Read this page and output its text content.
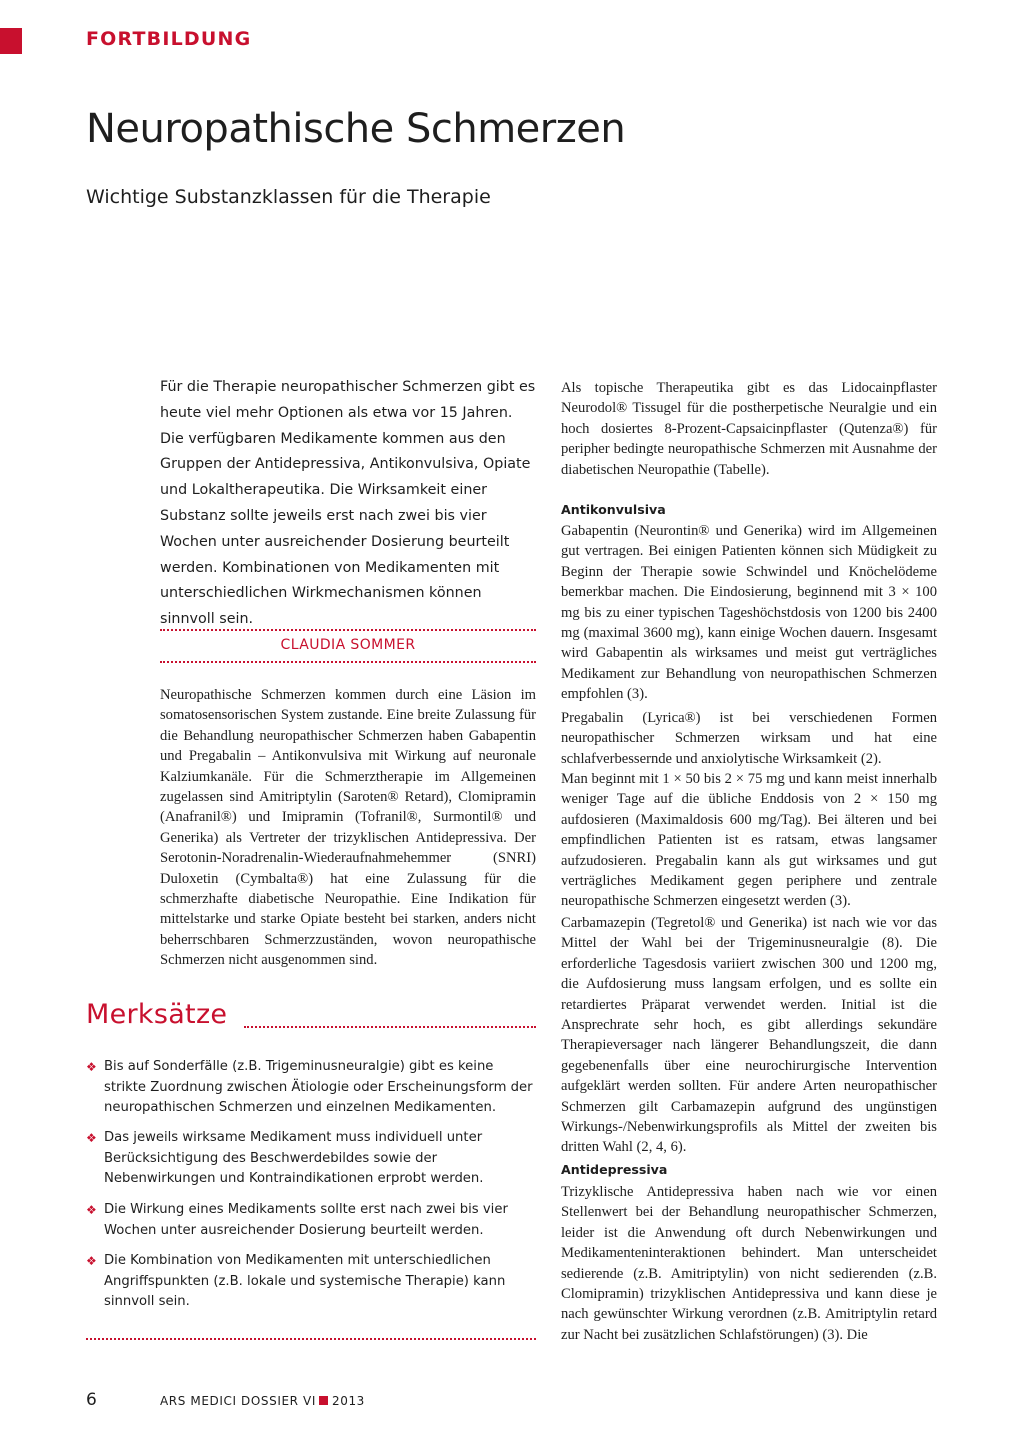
FORTBILDUNG
Neuropathische Schmerzen
Wichtige Substanzklassen für die Therapie
Für die Therapie neuropathischer Schmerzen gibt es heute viel mehr Optionen als etwa vor 15 Jahren. Die verfügbaren Medikamente kommen aus den Gruppen der Antidepressiva, Antikonvulsiva, Opiate und Lokaltherapeutika. Die Wirksamkeit einer Substanz sollte jeweils erst nach zwei bis vier Wochen unter ausreichender Dosierung beurteilt werden. Kombinationen von Medikamenten mit unterschiedlichen Wirkmechanismen können sinnvoll sein.
CLAUDIA SOMMER

Neuropathische Schmerzen kommen durch eine Läsion im somatosensorischen System zustande. Eine breite Zulassung für die Behandlung neuropathischer Schmerzen haben Gabapentin und Pregabalin – Antikonvulsiva mit Wirkung auf neuronale Kalziumkanäle. Für die Schmerztherapie im Allgemeinen zugelassen sind Amitriptylin (Saroten® Retard), Clomipramin (Anafranil®) und Imipramin (Tofranil®, Surmontil® und Generika) als Vertreter der trizyklischen Antidepressiva. Der Serotonin-Noradrenalin-Wiederaufnahmehemmer (SNRI) Duloxetin (Cymbalta®) hat eine Zulassung für die schmerzhafte diabetische Neuropathie. Eine Indikation für mittelstarke und starke Opiate besteht bei starken, anders nicht beherrschbaren Schmerzzuständen, wovon neuropathische Schmerzen nicht ausgenommen sind.

Merksätze
❖ Bis auf Sonderfälle (z.B. Trigeminusneuralgie) gibt es keine strikte Zuordnung zwischen Ätiologie oder Erscheinungsform der neuropathischen Schmerzen und einzelnen Medikamenten.
❖ Das jeweils wirksame Medikament muss individuell unter Berücksichtigung des Beschwerdebildes sowie der Nebenwirkungen und Kontraindikationen erprobt werden.
❖ Die Wirkung eines Medikaments sollte erst nach zwei bis vier Wochen unter ausreichender Dosierung beurteilt werden.
❖ Die Kombination von Medikamenten mit unterschiedlichen Angriffspunkten (z.B. lokale und systemische Therapie) kann sinnvoll sein.

Als topische Therapeutika gibt es das Lidocainpflaster Neurodol® Tissugel für die postherpetische Neuralgie und ein hoch dosiertes 8-Prozent-Capsaicinpflaster (Qutenza®) für peripher bedingte neuropathische Schmerzen mit Ausnahme der diabetischen Neuropathie (Tabelle).

Antikonvulsiva

Gabapentin (Neurontin® und Generika) wird im Allgemeinen gut vertragen. Bei einigen Patienten können sich Müdigkeit zu Beginn der Therapie sowie Schwindel und Knöchelödeme bemerkbar machen. Die Eindosierung, beginnend mit 3 × 100 mg bis zu einer typischen Tageshöchstdosis von 1200 bis 2400 mg (maximal 3600 mg), kann einige Wochen dauern. Insgesamt wird Gabapentin als wirksames und meist gut verträgliches Medikament zur Behandlung von neuropathischen Schmerzen empfohlen (3).

Pregabalin (Lyrica®) ist bei verschiedenen Formen neuropathischer Schmerzen wirksam und hat eine schlafverbessernde und anxiolytische Wirksamkeit (2).

Man beginnt mit 1 × 50 bis 2 × 75 mg und kann meist innerhalb weniger Tage auf die übliche Enddosis von 2 × 150 mg aufdosieren (Maximaldosis 600 mg/Tag). Bei älteren und bei empfindlichen Patienten ist es ratsam, etwas langsamer aufzudosieren. Pregabalin kann als gut wirksames und gut verträgliches Medikament gegen periphere und zentrale neuropathische Schmerzen eingesetzt werden (3).

Carbamazepin (Tegretol® und Generika) ist nach wie vor das Mittel der Wahl bei der Trigeminusneuralgie (8). Die erforderliche Tagesdosis variiert zwischen 300 und 1200 mg, die Aufdosierung muss langsam erfolgen, und es sollte ein retardiertes Präparat verwendet werden. Initial ist die Ansprechrate sehr hoch, es gibt allerdings sekundäre Therapieversager nach längerer Behandlungszeit, die dann gegebenenfalls über eine neurochirurgische Intervention aufgeklärt werden sollten. Für andere Arten neuropathischer Schmerzen gilt Carbamazepin aufgrund des ungünstigen Wirkungs-/Nebenwirkungsprofils als Mittel der zweiten bis dritten Wahl (2, 4, 6).

Antidepressiva

Trizyklische Antidepressiva haben nach wie vor einen Stellenwert bei der Behandlung neuropathischer Schmerzen, leider ist die Anwendung oft durch Nebenwirkungen und Medikamenteninteraktionen behindert. Man unterscheidet sedierende (z.B. Amitriptylin) von nicht sedierenden (z.B. Clomipramin) trizyklischen Antidepressiva und kann diese je nach gewünschter Wirkung verordnen (z.B. Amitriptylin retard zur Nacht bei zusätzlichen Schlafstörungen) (3). Die

6	ARS MEDICI DOSSIER VI 2013
